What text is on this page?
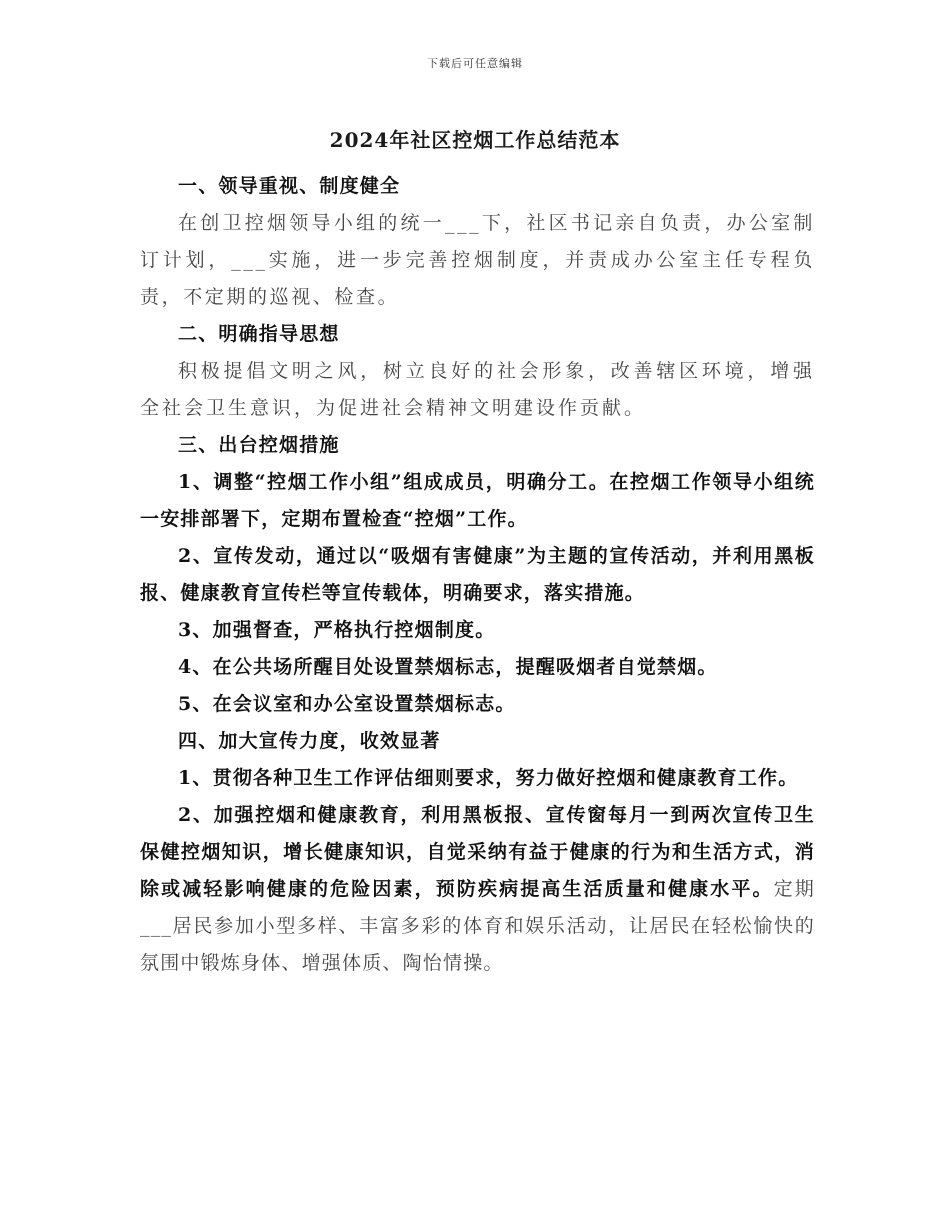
下载后可任意编辑
2024年社区控烟工作总结范本

一、领导重视、制度健全

在创卫控烟领导小组的统一___下，社区书记亲自负责，办公室制订计划，___实施，进一步完善控烟制度，并责成办公室主任专程负责，不定期的巡视、检查。

二、明确指导思想

积极提倡文明之风，树立良好的社会形象，改善辖区环境，增强全社会卫生意识，为促进社会精神文明建设作贡献。

三、出台控烟措施

1、调整“控烟工作小组”组成成员，明确分工。在控烟工作领导小组统一安排部署下，定期布置检查“控烟”工作。

2、宣传发动，通过以“吸烟有害健康”为主题的宣传活动，并利用黑板报、健康教育宣传栏等宣传载体，明确要求，落实措施。

3、加强督查，严格执行控烟制度。

4、在公共场所醒目处设置禁烟标志，提醒吸烟者自觉禁烟。

5、在会议室和办公室设置禁烟标志。

四、加大宣传力度，收效显著

1、贯彻各种卫生工作评估细则要求，努力做好控烟和健康教育工作。

2、加强控烟和健康教育，利用黑板报、宣传窗每月一到两次宣传卫生保健控烟知识，增长健康知识，自觉采纳有益于健康的行为和生活方式，消除或减轻影响健康的危险因素，预防疾病提高生活质量和健康水平。定期___居民参加小型多样、丰富多彩的体育和娱乐活动，让居民在轻松愉快的氛围中锻炼身体、增强体质、陶怡情操。
